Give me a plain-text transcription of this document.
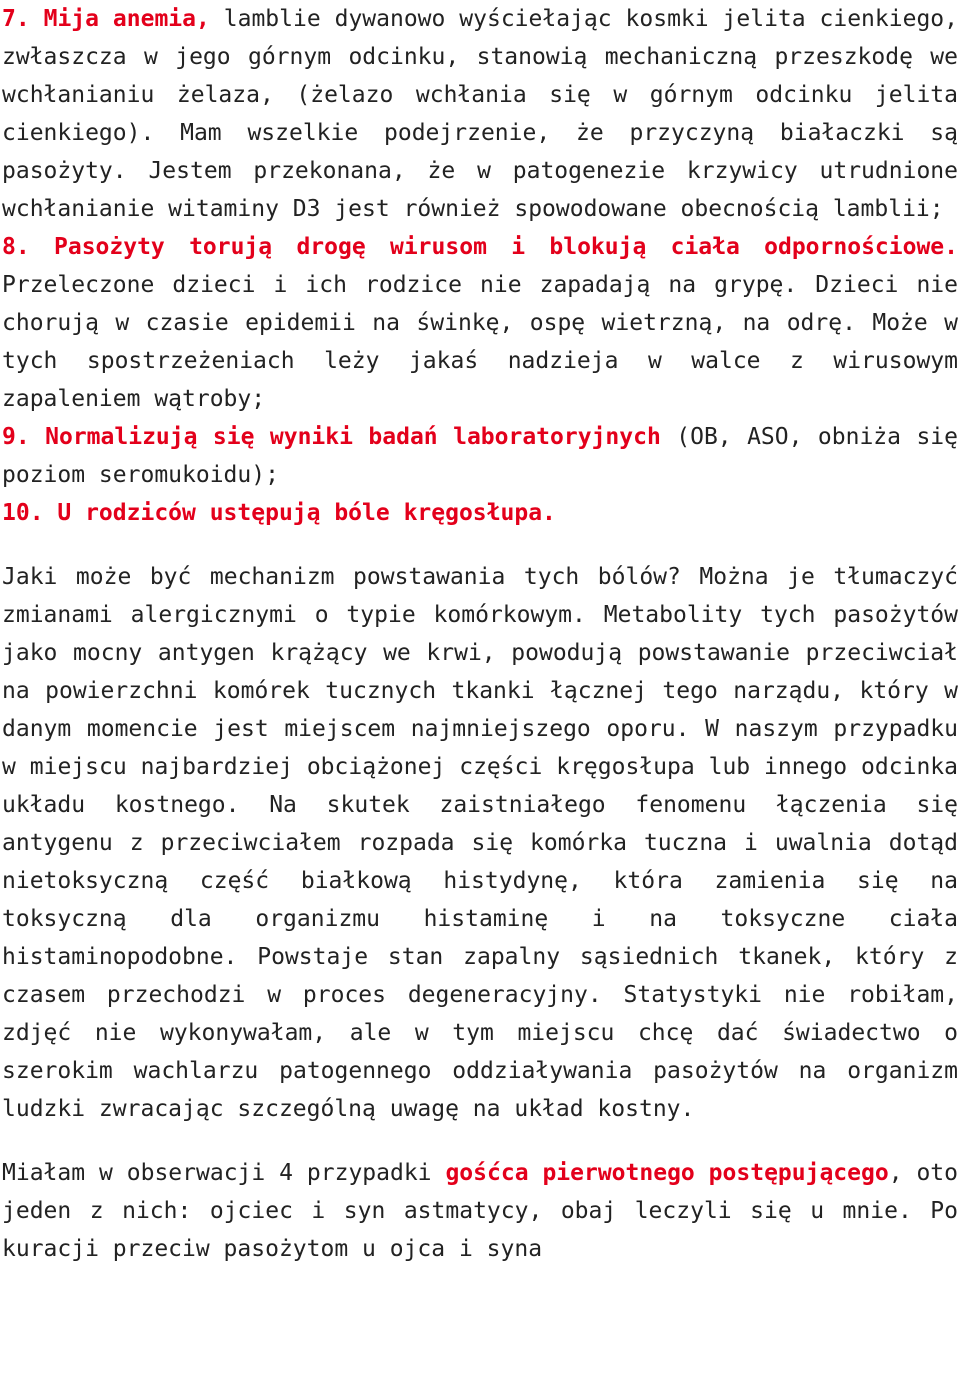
7. Mija anemia, lamblie dywanowo wyściełając kosmki jelita cienkiego, zwłaszcza w jego górnym odcinku, stanowią mechaniczną przeszkodę we wchłanianiu żelaza, (żelazo wchłania się w górnym odcinku jelita cienkiego). Mam wszelkie podejrzenie, że przyczyną białaczki są pasożyty. Jestem przekonana, że w patogenezie krzywicy utrudnione wchłanianie witaminy D3 jest również spowodowane obecnością lamblii;

8. Pasożyty torują drogę wirusom i blokują ciała odpornościowe. Przeleczone dzieci i ich rodzice nie zapadają na grypę. Dzieci nie chorują w czasie epidemii na świnkę, ospę wietrzną, na odrę. Może w tych spostrzeżeniach leży jakaś nadzieja w walce z wirusowym zapaleniem wątroby;

9. Normalizują się wyniki badań laboratoryjnych (OB, ASO, obniża się poziom seromukoidu);

10. U rodziców ustępują bóle kręgosłupa.

Jaki może być mechanizm powstawania tych bólów? Można je tłumaczyć zmianami alergicznymi o typie komórkowym. Metabolity tych pasożytów jako mocny antygen krążący we krwi, powodują powstawanie przeciwciał na powierzchni komórek tucznych tkanki łącznej tego narządu, który w danym momencie jest miejscem najmniejszego oporu. W naszym przypadku w miejscu najbardziej obciążonej części kręgosłupa lub innego odcinka układu kostnego. Na skutek zaistniałego fenomenu łączenia się antygenu z przeciwciałem rozpada się komórka tuczna i uwalnia dotąd nietoksyczną część białkową histydynę, która zamienia się na toksyczną dla organizmu histaminę i na toksyczne ciała histaminopodobne. Powstaje stan zapalny sąsiednich tkanek, który z czasem przechodzi w proces degeneracyjny. Statystyki nie robiłam, zdjęć nie wykonywałam, ale w tym miejscu chcę dać świadectwo o szerokim wachlarzu patogennego oddziaływania pasożytów na organizm ludzki zwracając szczególną uwagę na układ kostny.

Miałam w obserwacji 4 przypadki gośćca pierwotnego postępującego, oto jeden z nich: ojciec i syn astmatycy, obaj leczyli się u mnie. Po kuracji przeciw pasożytom u ojca i syna
